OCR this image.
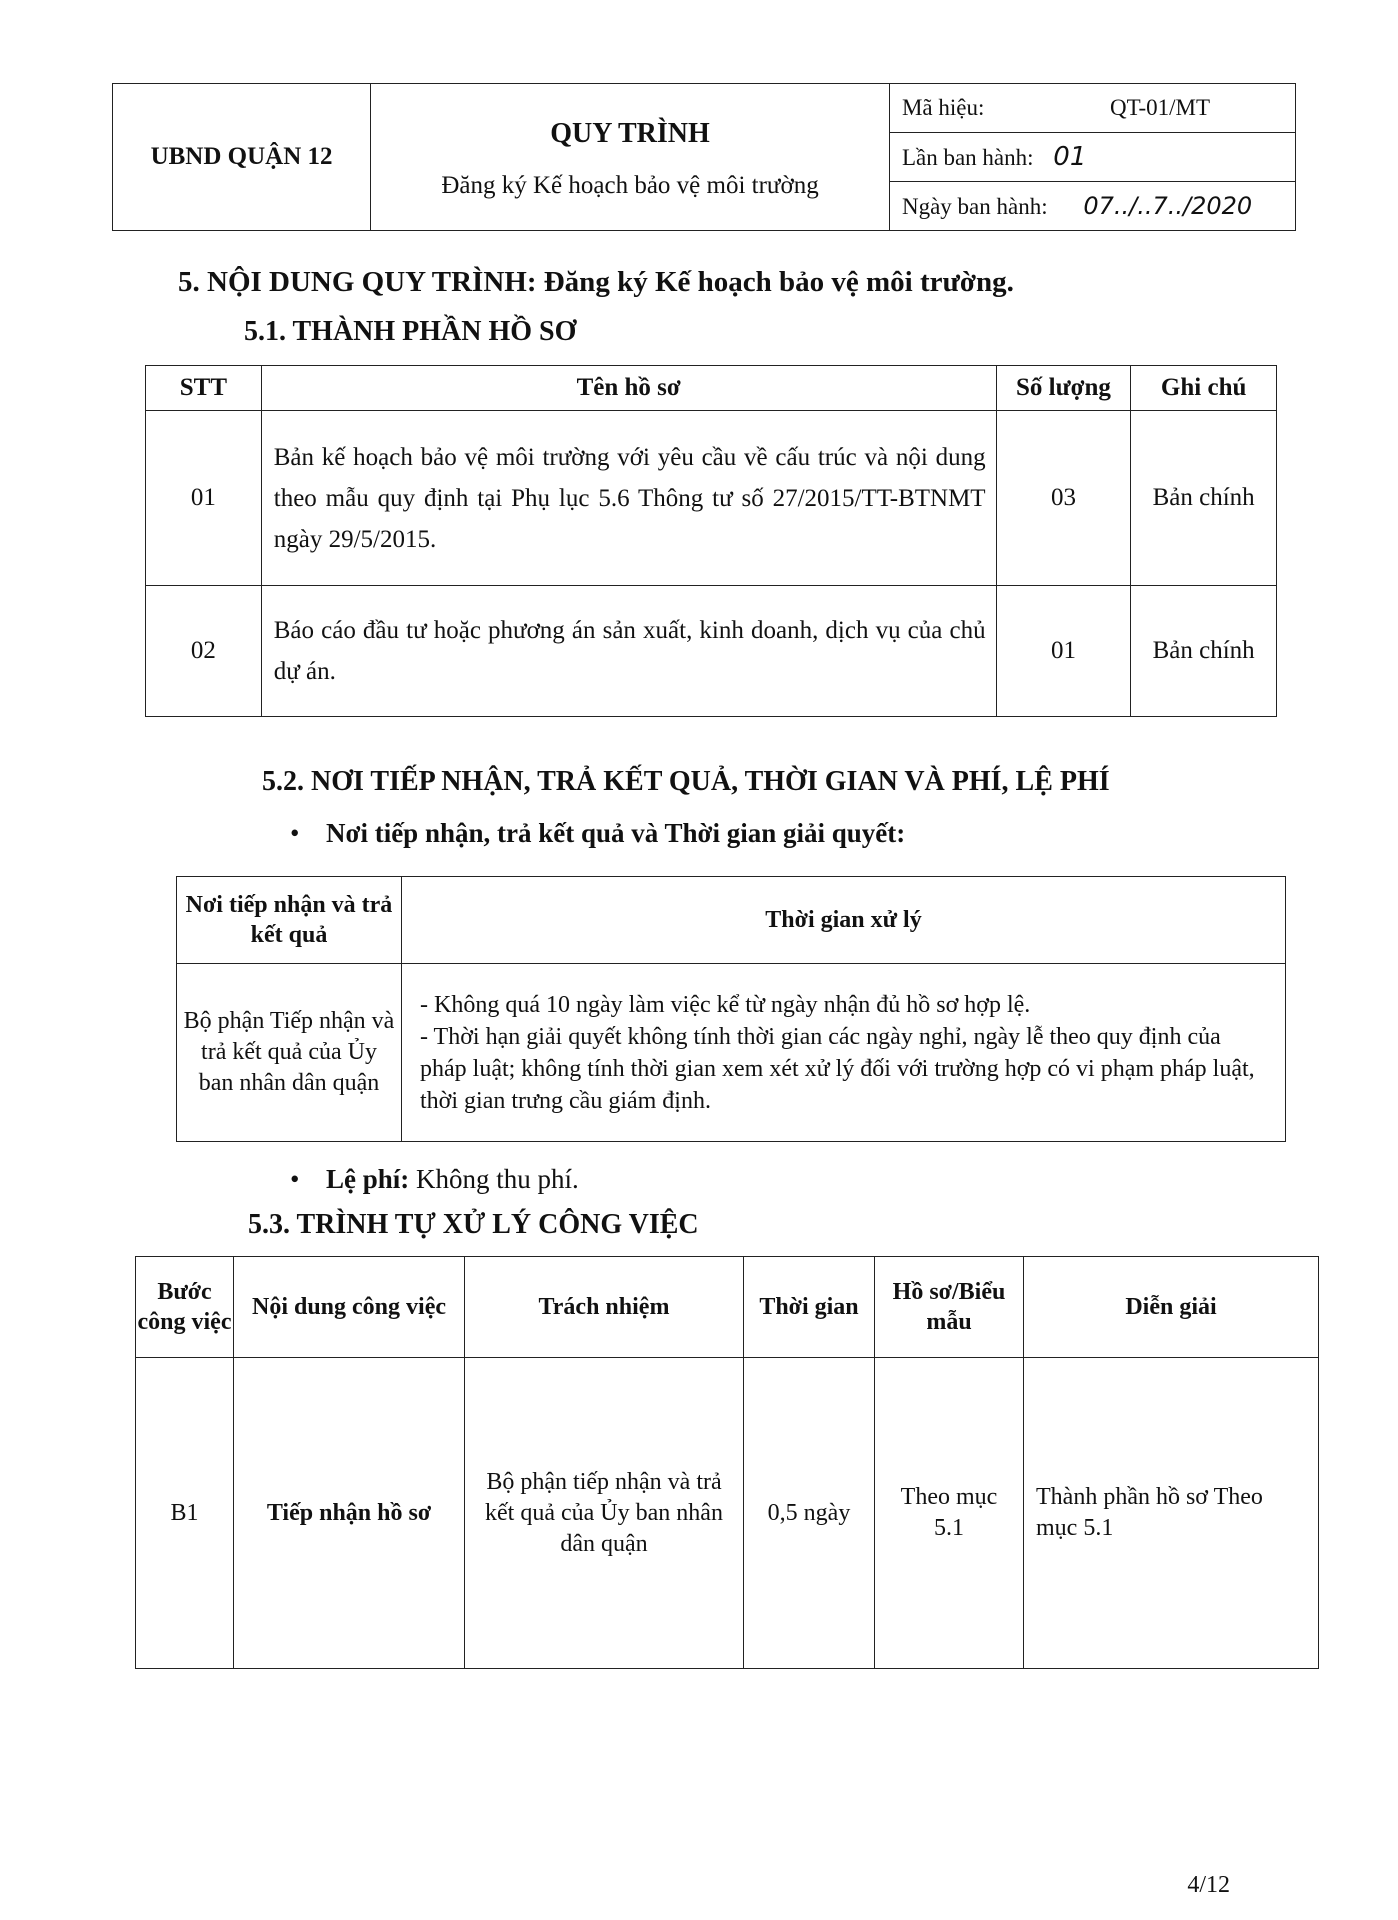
UBND QUẬN 12	
QUY TRÌNH
Đăng ký Kế hoạch bảo vệ môi trường
	Mã hiệu:	QT-01/MT
Lần ban hành: 01
Ngày ban hành: 07../..7../2020
5. NỘI DUNG QUY TRÌNH: Đăng ký Kế hoạch bảo vệ môi trường.
5.1. THÀNH PHẦN HỒ SƠ
STT	Tên hồ sơ	Số lượng	Ghi chú
01	Bản kế hoạch bảo vệ môi trường với yêu cầu về cấu trúc và nội dung theo mẫu quy định tại Phụ lục 5.6 Thông tư số 27/2015/TT-BTNMT ngày 29/5/2015.	03	Bản chính
02	Báo cáo đầu tư hoặc phương án sản xuất, kinh doanh, dịch vụ của chủ dự án.	01	Bản chính
5.2. NƠI TIẾP NHẬN, TRẢ KẾT QUẢ, THỜI GIAN VÀ PHÍ, LỆ PHÍ
• Nơi tiếp nhận, trả kết quả và Thời gian giải quyết:
Nơi tiếp nhận và trả kết quả	Thời gian xử lý
Bộ phận Tiếp nhận và trả kết quả của Ủy ban nhân dân quận	- Không quá 10 ngày làm việc kể từ ngày nhận đủ hồ sơ hợp lệ.
- Thời hạn giải quyết không tính thời gian các ngày nghỉ, ngày lễ theo quy định của pháp luật; không tính thời gian xem xét xử lý đối với trường hợp có vi phạm pháp luật, thời gian trưng cầu giám định.
• Lệ phí: Không thu phí.
5.3. TRÌNH TỰ XỬ LÝ CÔNG VIỆC
Bước công việc	Nội dung công việc	Trách nhiệm	Thời gian	Hồ sơ/Biểu mẫu	Diễn giải
B1	Tiếp nhận hồ sơ	Bộ phận tiếp nhận và trả kết quả của Ủy ban nhân dân quận	0,5 ngày	Theo mục 5.1	Thành phần hồ sơ Theo mục 5.1
4/12
